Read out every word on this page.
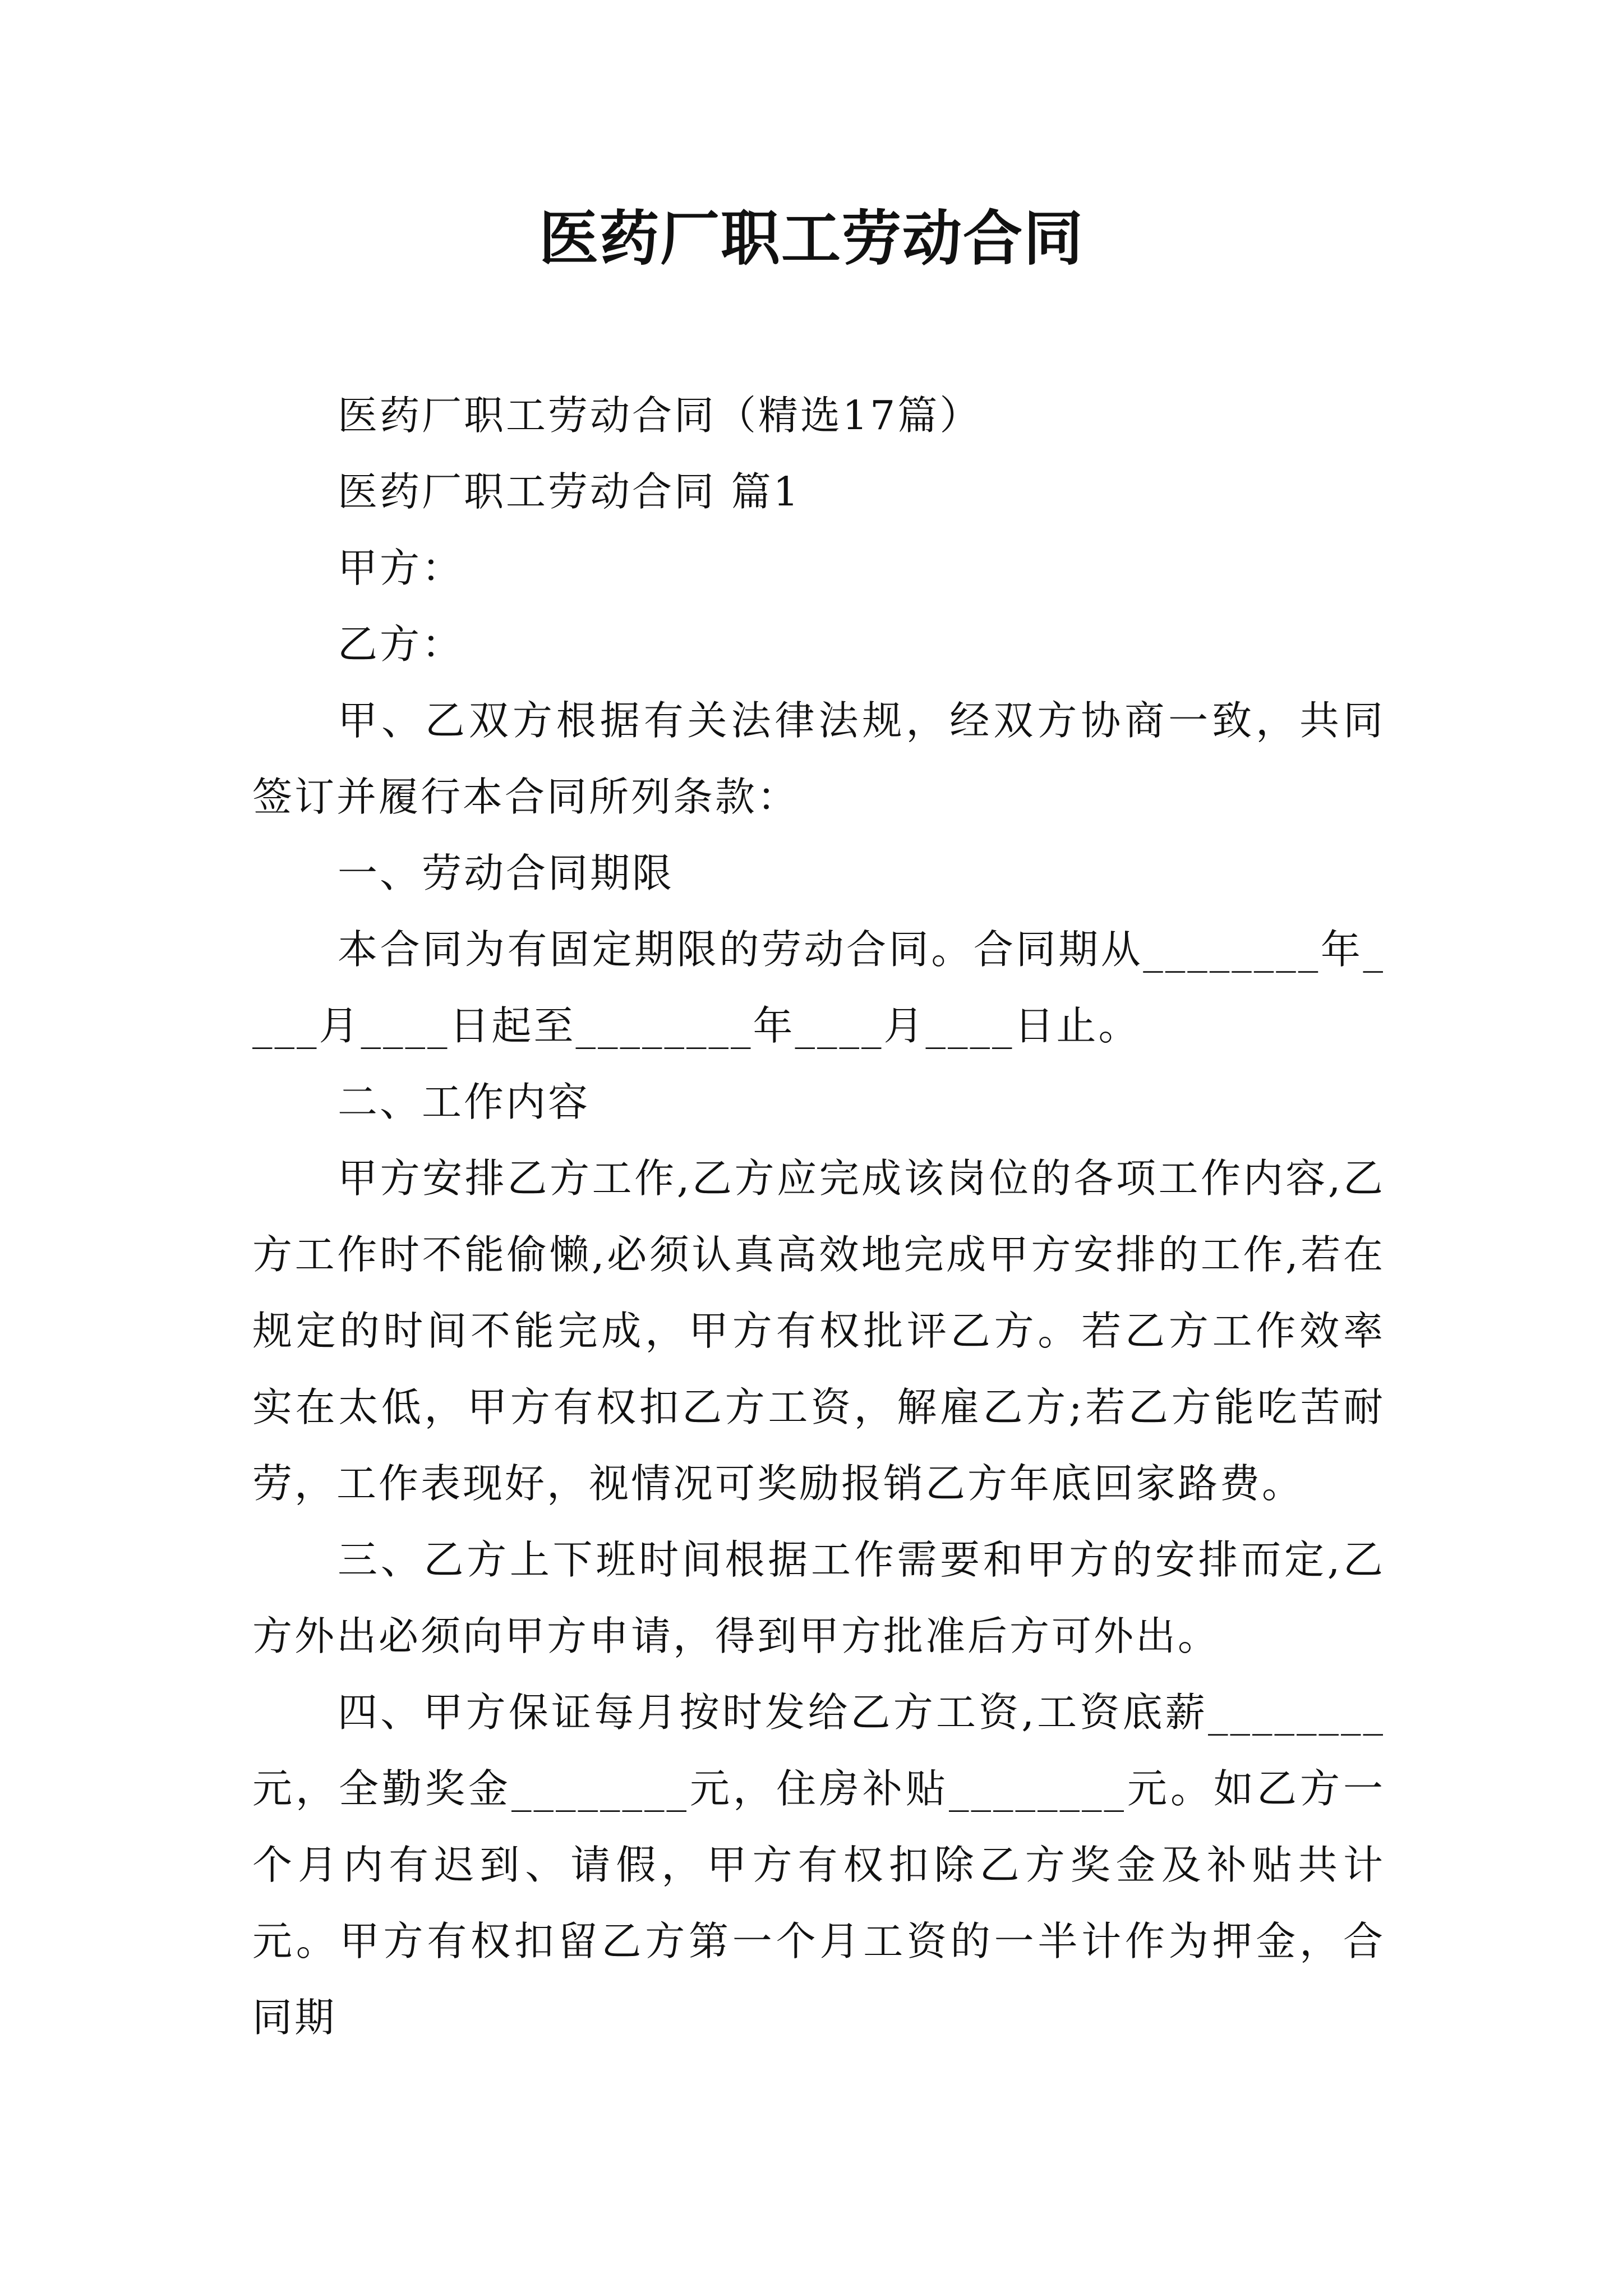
医药厂职工劳动合同

医药厂职工劳动合同（精选17篇）

医药厂职工劳动合同 篇1

甲方：

乙方：

甲、乙双方根据有关法律法规，经双方协商一致，共同签订并履行本合同所列条款：

一、劳动合同期限

本合同为有固定期限的劳动合同。合同期从________年____月____日起至________年____月____日止。

二、工作内容

甲方安排乙方工作,乙方应完成该岗位的各项工作内容,乙方工作时不能偷懒,必须认真高效地完成甲方安排的工作,若在规定的时间不能完成，甲方有权批评乙方。若乙方工作效率实在太低，甲方有权扣乙方工资，解雇乙方;若乙方能吃苦耐劳，工作表现好，视情况可奖励报销乙方年底回家路费。

三、乙方上下班时间根据工作需要和甲方的安排而定,乙方外出必须向甲方申请，得到甲方批准后方可外出。

四、甲方保证每月按时发给乙方工资,工资底薪________元，全勤奖金________元，住房补贴________元。如乙方一个月内有迟到、请假，甲方有权扣除乙方奖金及补贴共计元。甲方有权扣留乙方第一个月工资的一半计作为押金，合同期
